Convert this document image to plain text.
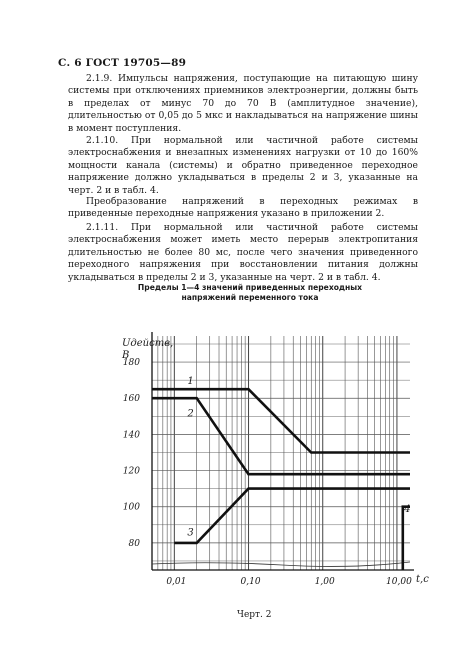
С. 6 ГОСТ 19705—89

2.1.9. Импульсы напряжения, поступающие на питающую шину системы при отключениях приемников электроэнергии, должны быть в пределах от минус 70 до 70 В (амплитудное значение), длительностью от 0,05 до 5 мкс и накладываться на напряжение шины в момент поступления.

2.1.10. При нормальной или частичной работе системы электроснабжения и внезапных изменениях нагрузки от 10 до 160% мощности канала (системы) и обратно приведенное переходное напряжение должно укладываться в пределы 2 и 3, указанные на черт. 2 и в табл. 4.

Преобразование напряжений в переходных режимах в приведенные переходные напряжения указано в приложении 2.

2.1.11. При нормальной или частичной работе системы электроснабжения может иметь место перерыв электропитания длительностью не более 80 мс, после чего значения приведенного переходного напряжения при восстановлении питания должны укладываться в пределы 2 и 3, указанные на черт. 2 и в табл. 4.

Пределы 1—4 значений приведенных переходных
напряжений переменного тока
180
160
140
120
100
80
0,01	0,10	1,00	10,00
Uдейств,
В
t,c
1
2
3
4
Черт. 2
